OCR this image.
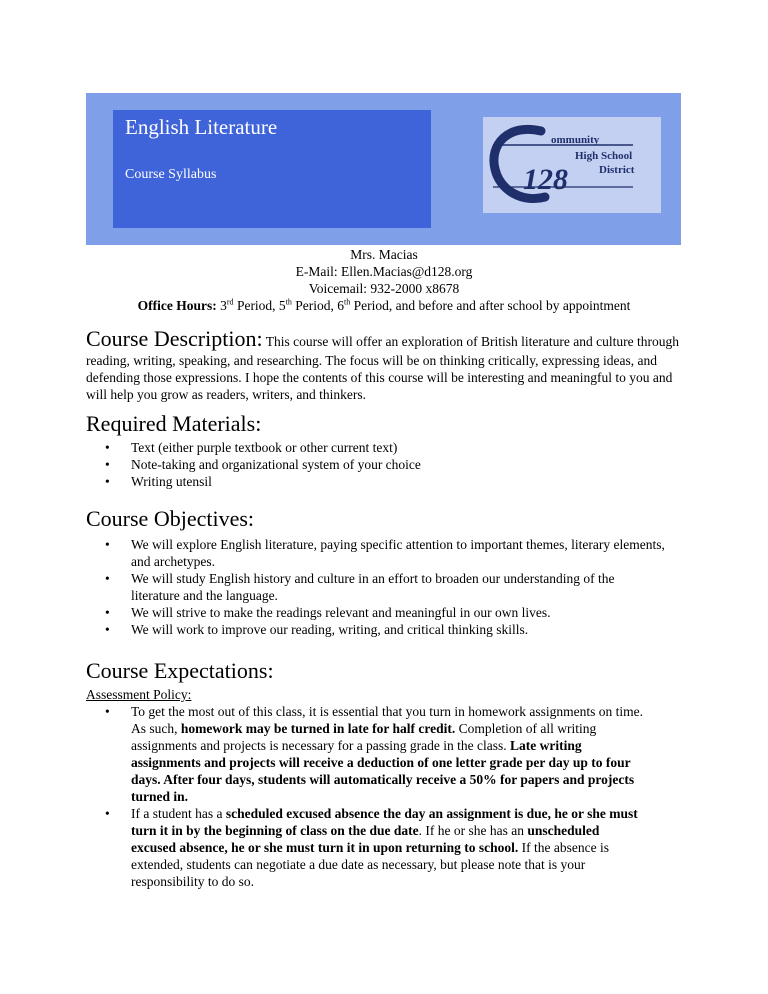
English Literature
Course Syllabus
ommunity
High School
District
128
Mrs. Macias
E-Mail: Ellen.Macias@d128.org
Voicemail: 932-2000 x8678
Office Hours: 3rd Period, 5th Period, 6th Period, and before and after school by appointment
Course Description: This course will offer an exploration of British literature and culture through reading, writing, speaking, and researching. The focus will be on thinking critically, expressing ideas, and defending those expressions. I hope the contents of this course will be interesting and meaningful to you and will help you grow as readers, writers, and thinkers.
Required Materials:
• Text (either purple textbook or other current text)
• Note-taking and organizational system of your choice
• Writing utensil
Course Objectives:
• We will explore English literature, paying specific attention to important themes, literary elements, and archetypes.
• We will study English history and culture in an effort to broaden our understanding of the literature and the language.
• We will strive to make the readings relevant and meaningful in our own lives.
• We will work to improve our reading, writing, and critical thinking skills.
Course Expectations:
Assessment Policy:
• To get the most out of this class, it is essential that you turn in homework assignments on time. As such, homework may be turned in late for half credit. Completion of all writing assignments and projects is necessary for a passing grade in the class. Late writing assignments and projects will receive a deduction of one letter grade per day up to four days. After four days, students will automatically receive a 50% for papers and projects turned in.
• If a student has a scheduled excused absence the day an assignment is due, he or she must turn it in by the beginning of class on the due date. If he or she has an unscheduled excused absence, he or she must turn it in upon returning to school. If the absence is extended, students can negotiate a due date as necessary, but please note that is your responsibility to do so.
